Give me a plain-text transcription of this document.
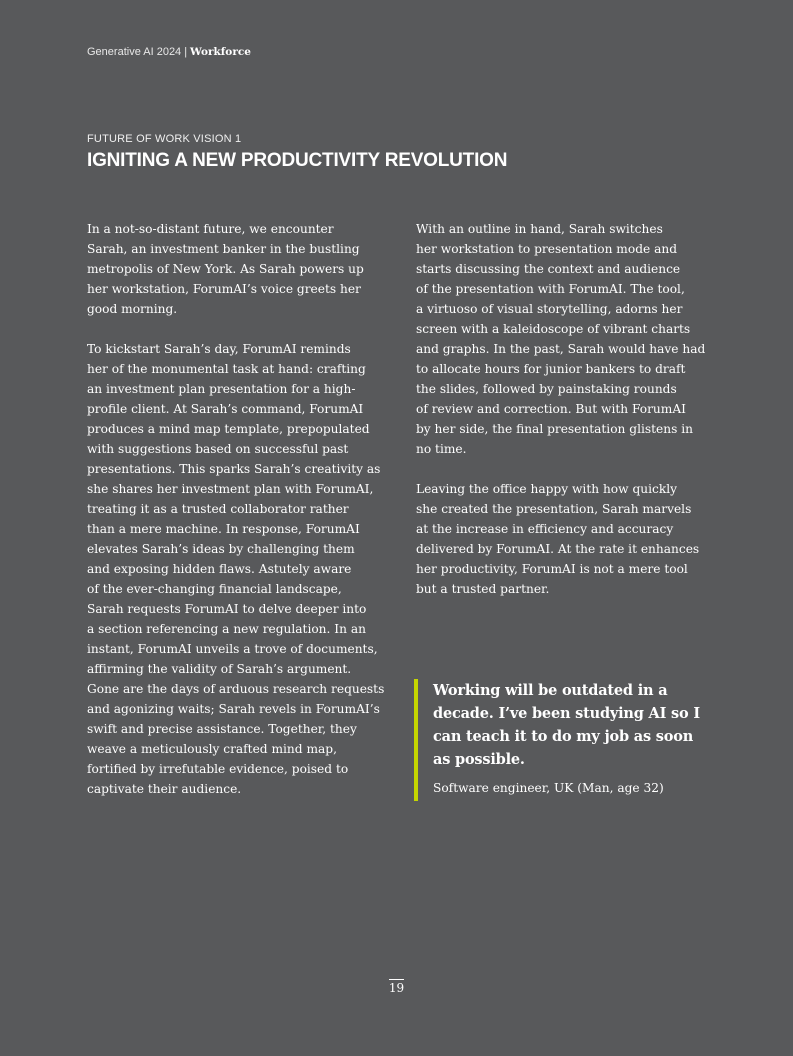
Generative AI 2024 | Workforce
FUTURE OF WORK VISION 1
IGNITING A NEW PRODUCTIVITY REVOLUTION

In a not-so-distant future, we encounter
Sarah, an investment banker in the bustling
metropolis of New York. As Sarah powers up
her workstation, ForumAI’s voice greets her
good morning.

To kickstart Sarah’s day, ForumAI reminds
her of the monumental task at hand: crafting
an investment plan presentation for a high-
profile client. At Sarah’s command, ForumAI
produces a mind map template, prepopulated
with suggestions based on successful past
presentations. This sparks Sarah’s creativity as
she shares her investment plan with ForumAI,
treating it as a trusted collaborator rather
than a mere machine. In response, ForumAI
elevates Sarah’s ideas by challenging them
and exposing hidden flaws. Astutely aware
of the ever-changing financial landscape,
Sarah requests ForumAI to delve deeper into
a section referencing a new regulation. In an
instant, ForumAI unveils a trove of documents,
affirming the validity of Sarah’s argument.
Gone are the days of arduous research requests
and agonizing waits; Sarah revels in ForumAI’s
swift and precise assistance. Together, they
weave a meticulously crafted mind map,
fortified by irrefutable evidence, poised to
captivate their audience.

With an outline in hand, Sarah switches
her workstation to presentation mode and
starts discussing the context and audience
of the presentation with ForumAI. The tool,
a virtuoso of visual storytelling, adorns her
screen with a kaleidoscope of vibrant charts
and graphs. In the past, Sarah would have had
to allocate hours for junior bankers to draft
the slides, followed by painstaking rounds
of review and correction. But with ForumAI
by her side, the final presentation glistens in
no time.

Leaving the office happy with how quickly
she created the presentation, Sarah marvels
at the increase in efficiency and accuracy
delivered by ForumAI. At the rate it enhances
her productivity, ForumAI is not a mere tool
but a trusted partner.

Working will be outdated in a
decade. I’ve been studying AI so I
can teach it to do my job as soon
as possible.

Software engineer, UK (Man, age 32)

19
